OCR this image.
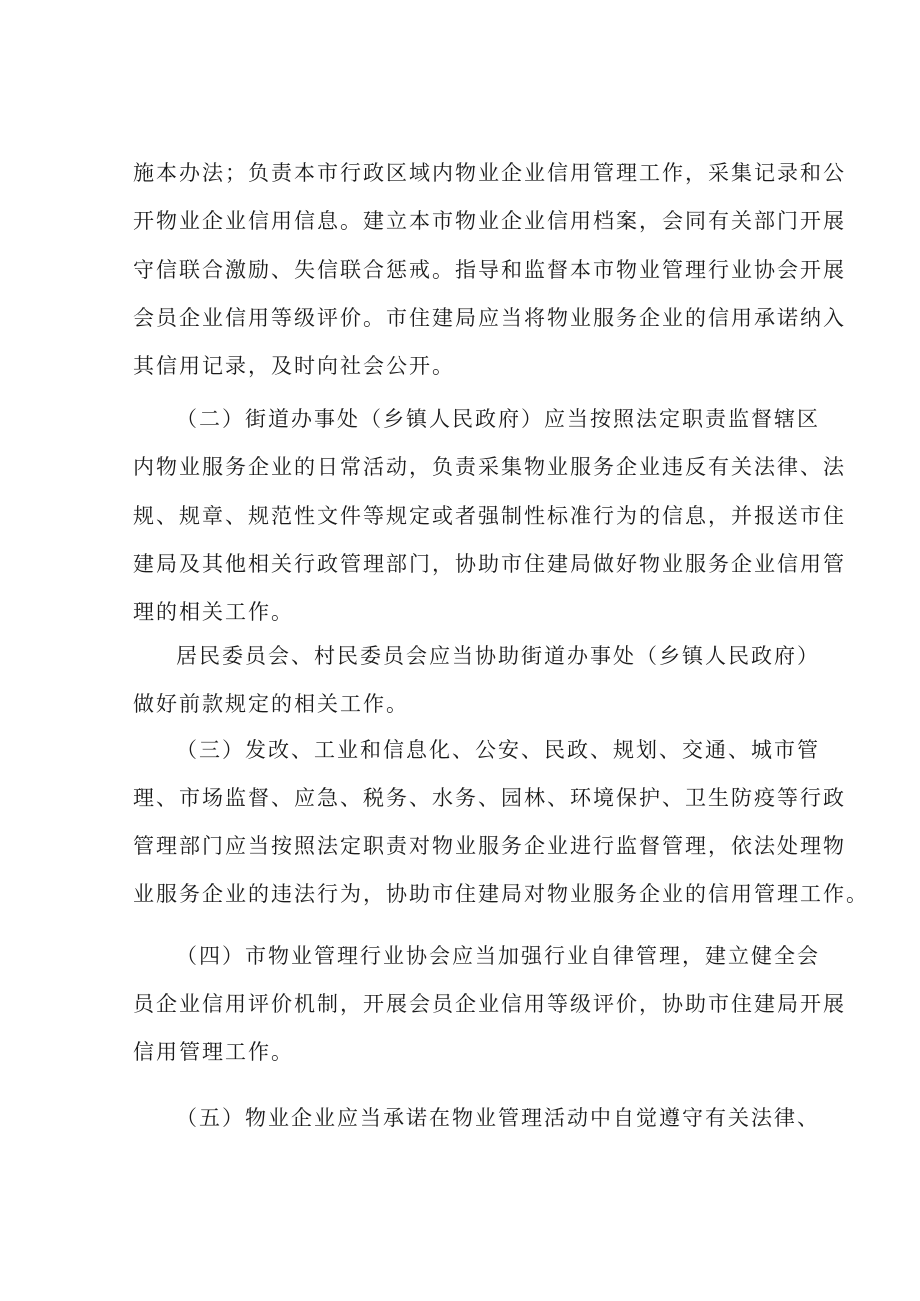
施本办法；负责本市行政区域内物业企业信用管理工作，采集记录和公
开物业企业信用信息。建立本市物业企业信用档案，会同有关部门开展
守信联合激励、失信联合惩戒。指导和监督本市物业管理行业协会开展
会员企业信用等级评价。市住建局应当将物业服务企业的信用承诺纳入
其信用记录，及时向社会公开。
（二）街道办事处（乡镇人民政府）应当按照法定职责监督辖区
内物业服务企业的日常活动，负责采集物业服务企业违反有关法律、法
规、规章、规范性文件等规定或者强制性标准行为的信息，并报送市住
建局及其他相关行政管理部门，协助市住建局做好物业服务企业信用管
理的相关工作。
居民委员会、村民委员会应当协助街道办事处（乡镇人民政府）
做好前款规定的相关工作。
（三）发改、工业和信息化、公安、民政、规划、交通、城市管
理、市场监督、应急、税务、水务、园林、环境保护、卫生防疫等行政
管理部门应当按照法定职责对物业服务企业进行监督管理，依法处理物
业服务企业的违法行为，协助市住建局对物业服务企业的信用管理工作。
（四）市物业管理行业协会应当加强行业自律管理，建立健全会
员企业信用评价机制，开展会员企业信用等级评价，协助市住建局开展
信用管理工作。
（五）物业企业应当承诺在物业管理活动中自觉遵守有关法律、
